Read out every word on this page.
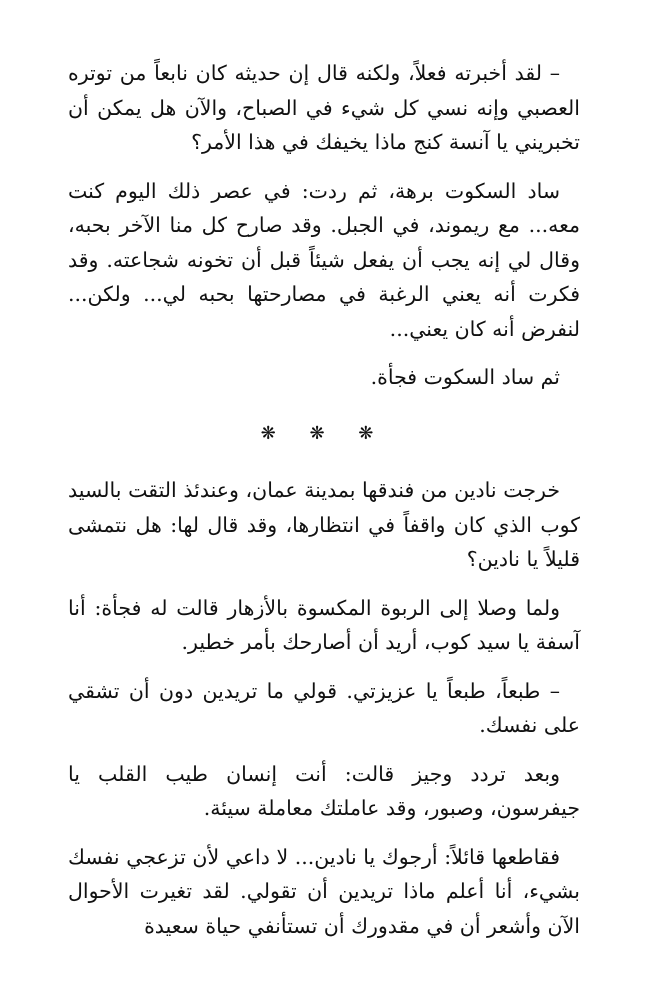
– لقد أخبرته فعلاً، ولكنه قال إن حديثه كان نابعاً من توتره العصبي وإنه نسي كل شيء في الصباح، والآن هل يمكن أن تخبريني يا آنسة كنج ماذا يخيفك في هذا الأمر؟

ساد السكوت برهة، ثم ردت: في عصر ذلك اليوم كنت معه... مع ريموند، في الجبل. وقد صارح كل منا الآخر بحبه، وقال لي إنه يجب أن يفعل شيئاً قبل أن تخونه شجاعته. وقد فكرت أنه يعني الرغبة في مصارحتها بحبه لي... ولكن... لنفرض أنه كان يعني...

ثم ساد السكوت فجأة.

❋ ❋ ❋

خرجت نادين من فندقها بمدينة عمان، وعندئذ التقت بالسيد كوب الذي كان واقفاً في انتظارها، وقد قال لها: هل نتمشى قليلاً يا نادين؟

ولما وصلا إلى الربوة المكسوة بالأزهار قالت له فجأة: أنا آسفة يا سيد كوب، أريد أن أصارحك بأمر خطير.

– طبعاً، طبعاً يا عزيزتي. قولي ما تريدين دون أن تشقي على نفسك.

وبعد تردد وجيز قالت: أنت إنسان طيب القلب يا جيفرسون، وصبور، وقد عاملتك معاملة سيئة.

فقاطعها قائلاً: أرجوك يا نادين... لا داعي لأن تزعجي نفسك بشيء، أنا أعلم ماذا تريدين أن تقولي. لقد تغيرت الأحوال الآن وأشعر أن في مقدورك أن تستأنفي حياة سعيدة
